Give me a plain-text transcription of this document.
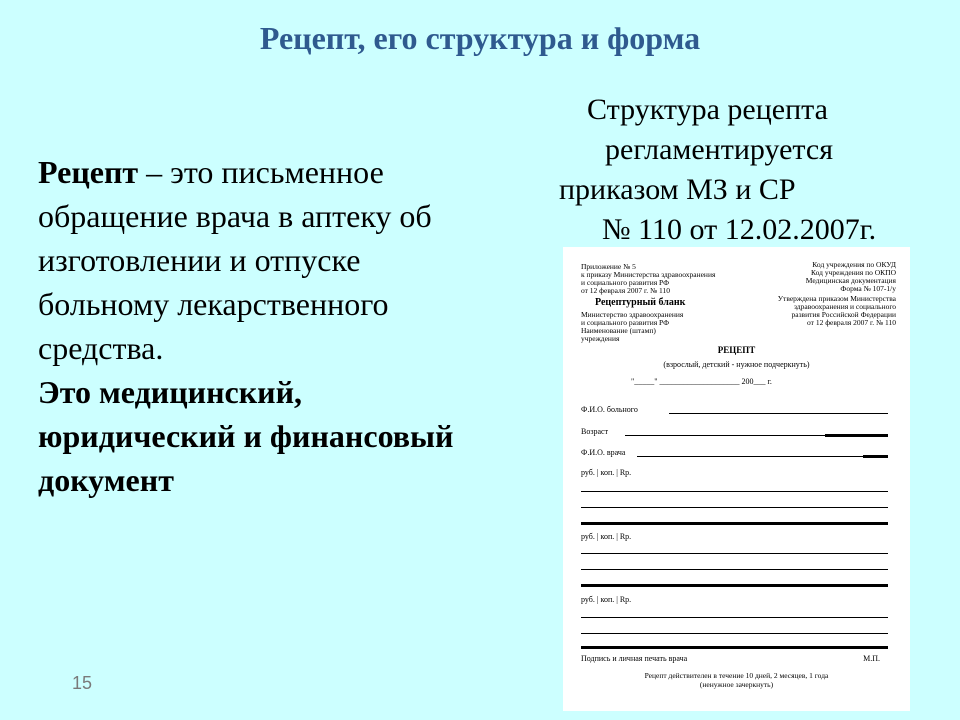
Рецепт, его структура и форма
Рецепт – это письменное
обращение врача в аптеку об
изготовлении и отпуске
больному лекарственного
средства.
Это медицинский,
юридический и финансовый
документ
Структура рецепта
регламентируется
приказом МЗ и СР
№ 110 от 12.02.2007г.
Приложение № 5
к приказу Министерства здравоохранения
и социального развития РФ
от 12 февраля 2007 г. № 110
Код учреждения по ОКУД
Код учреждения по ОКПО
Медицинская документация
Форма № 107-1/у
Утверждена приказом Министерства
здравоохранения и социального
развития Российской Федерации
от 12 февраля 2007 г. № 110
Рецептурный бланк
Министерство здравоохранения
и социального развития РФ
Наименование (штамп)
учреждения
РЕЦЕПТ
(взрослый, детский - нужное подчеркнуть)
"_____" ____________________ 200___ г.
Ф.И.О. больного
Возраст
Ф.И.О. врача
руб. | коп. | Rp.
руб. | коп. | Rp.
руб. | коп. | Rp.
Подпись и личная печать врача	М.П.
Рецепт действителен в течение 10 дней, 2 месяцев, 1 года
(ненужное зачеркнуть)
15
